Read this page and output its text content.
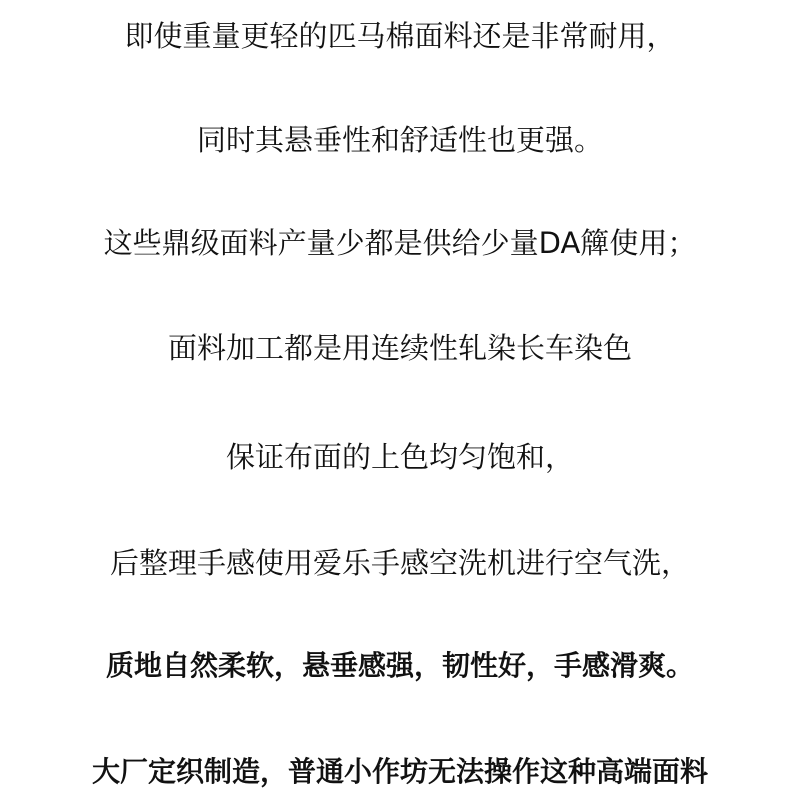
即使重量更轻的匹马棉面料还是非常耐用，
同时其悬垂性和舒适性也更强。
这些鼎级面料产量少都是供给少量DA簰使用；
面料加工都是用连续性轧染长车染色
保证布面的上色均匀饱和，
后整理手感使用爱乐手感空洗机进行空气洗，
质地自然柔软，悬垂感强，韧性好，手感滑爽。
大厂定织制造，普通小作坊无法操作这种高端面料
